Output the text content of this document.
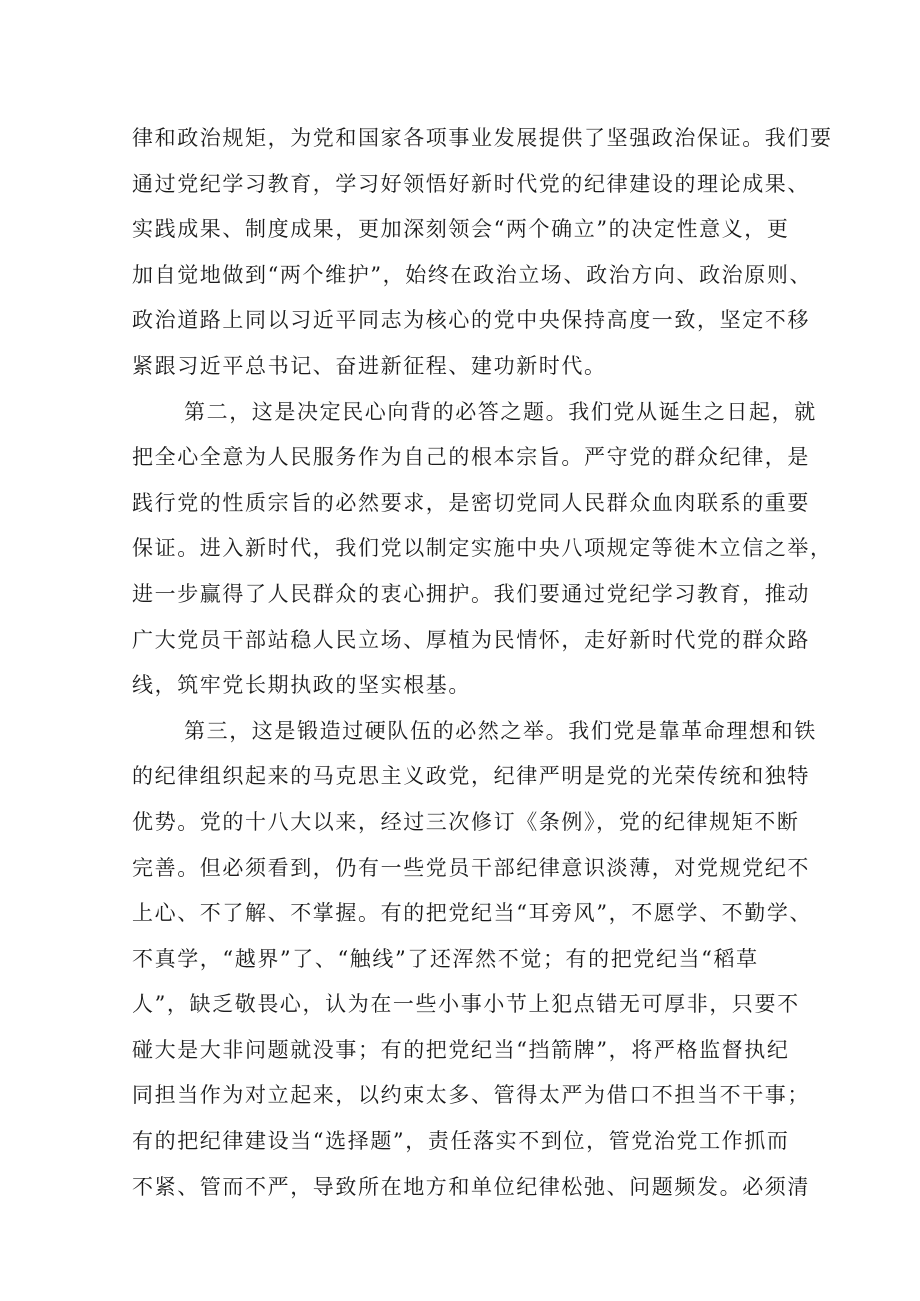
律和政治规矩，为党和国家各项事业发展提供了坚强政治保证。我们要
通过党纪学习教育，学习好领悟好新时代党的纪律建设的理论成果、
实践成果、制度成果，更加深刻领会“两个确立”的决定性意义，更
加自觉地做到“两个维护”，始终在政治立场、政治方向、政治原则、
政治道路上同以习近平同志为核心的党中央保持高度一致，坚定不移
紧跟习近平总书记、奋进新征程、建功新时代。
第二，这是决定民心向背的必答之题。我们党从诞生之日起，就
把全心全意为人民服务作为自己的根本宗旨。严守党的群众纪律，是
践行党的性质宗旨的必然要求，是密切党同人民群众血肉联系的重要
保证。进入新时代，我们党以制定实施中央八项规定等徙木立信之举，
进一步赢得了人民群众的衷心拥护。我们要通过党纪学习教育，推动
广大党员干部站稳人民立场、厚植为民情怀，走好新时代党的群众路
线，筑牢党长期执政的坚实根基。
第三，这是锻造过硬队伍的必然之举。我们党是靠革命理想和铁
的纪律组织起来的马克思主义政党，纪律严明是党的光荣传统和独特
优势。党的十八大以来，经过三次修订《条例》，党的纪律规矩不断
完善。但必须看到，仍有一些党员干部纪律意识淡薄，对党规党纪不
上心、不了解、不掌握。有的把党纪当“耳旁风”，不愿学、不勤学、
不真学，“越界”了、“触线”了还浑然不觉；有的把党纪当“稻草
人”，缺乏敬畏心，认为在一些小事小节上犯点错无可厚非，只要不
碰大是大非问题就没事；有的把党纪当“挡箭牌”，将严格监督执纪
同担当作为对立起来，以约束太多、管得太严为借口不担当不干事；
有的把纪律建设当“选择题”，责任落实不到位，管党治党工作抓而
不紧、管而不严，导致所在地方和单位纪律松弛、问题频发。必须清
